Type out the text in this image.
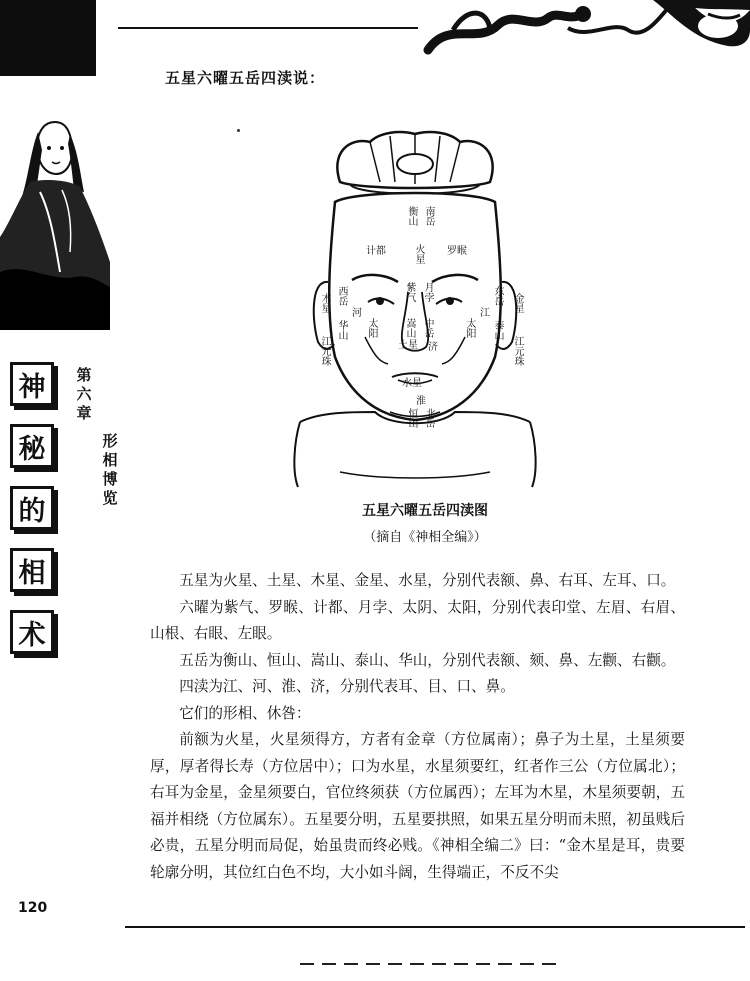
五星六曜五岳四渎说：
神
秘
的
相
术
第六章
形相博览
衡山 南岳
计都	火星 罗睺
西岳	紫气 月孛	东岳
木星
河
金星
华山 太阳	嵩山 中岳	太阳 泰山
江
土星 济
江元珠	江元珠
水星
淮
恒山 北岳
五星六曜五岳四渎图
（摘自《神相全编》）

五星为火星、土星、木星、金星、水星，分别代表额、鼻、右耳、左耳、口。

六曜为紫气、罗睺、计都、月孛、太阴、太阳，分别代表印堂、左眉、右眉、山根、右眼、左眼。

五岳为衡山、恒山、嵩山、泰山、华山，分别代表额、颏、鼻、左颧、右颧。

四渎为江、河、淮、济，分别代表耳、目、口、鼻。

它们的形相、休咎：

前额为火星，火星须得方，方者有金章（方位属南）；鼻子为土星，土星须要厚，厚者得长寿（方位居中）；口为水星，水星须要红，红者作三公（方位属北）；右耳为金星，金星须要白，官位终须获（方位属西）；左耳为木星，木星须要朝，五福并相绕（方位属东）。五星要分明，五星要拱照，如果五星分明而未照，初虽贱后必贵，五星分明而局促，始虽贵而终必贱。《神相全编二》曰：“金木星是耳，贵要轮廓分明，其位红白色不均，大小如斗阔，生得端正，不反不尖

120
